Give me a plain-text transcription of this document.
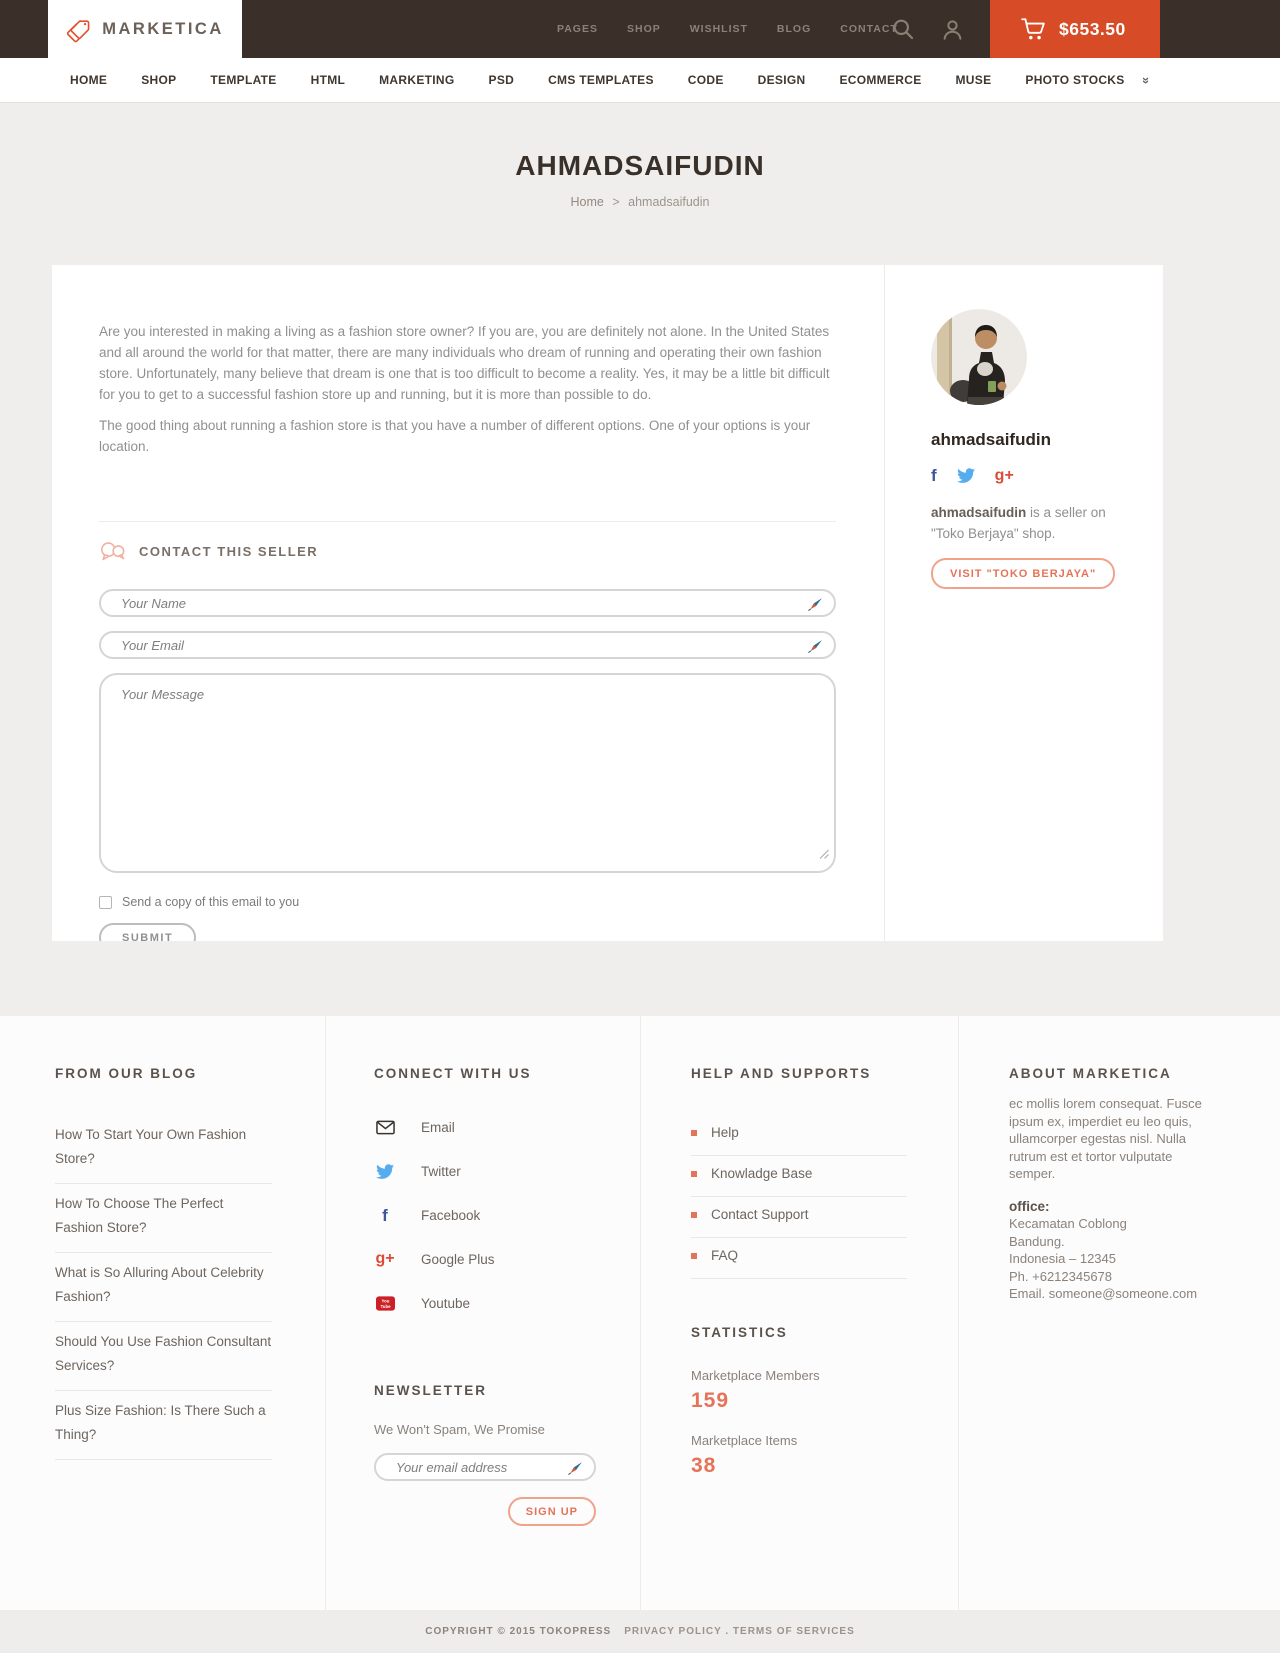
MARKETICA	PAGES	SHOP	WISHLIST	BLOG	CONTACT	$653.50
HOME	SHOP	TEMPLATE	HTML	MARKETING	PSD	CMS TEMPLATES	CODE	DESIGN	ECOMMERCE	MUSE	PHOTO STOCKS	»
AHMADSAIFUDIN
Home > ahmadsaifudin

Are you interested in making a living as a fashion store owner? If you are, you are definitely not alone. In the United States and all around the world for that matter, there are many individuals who dream of running and operating their own fashion store. Unfortunately, many believe that dream is one that is too difficult to become a reality. Yes, it may be a little bit difficult for you to get to a successful fashion store up and running, but it is more than possible to do.

The good thing about running a fashion store is that you have a number of different options. One of your options is your location.

CONTACT THIS SELLER
Your Name
Your Email
Your Message
Send a copy of this email to you
SUBMIT
ahmadsaifudin
f	g+

ahmadsaifudin is a seller on "Toko Berjaya" shop.

VISIT "TOKO BERJAYA"
FROM OUR BLOG
How To Start Your Own Fashion Store?
How To Choose The Perfect Fashion Store?
What is So Alluring About Celebrity Fashion?
Should You Use Fashion Consultant Services?
Plus Size Fashion: Is There Such a Thing?
CONNECT WITH US
Email
Twitter
f	Facebook
g+ Google Plus
You
Tube Youtube
NEWSLETTER

We Won't Spam, We Promise

Your email address
SIGN UP
HELP AND SUPPORTS
Help
Knowladge Base
Contact Support
FAQ
STATISTICS
Marketplace Members
159
Marketplace Items
38
ABOUT MARKETICA

ec mollis lorem consequat. Fusce ipsum ex, imperdiet eu leo quis, ullamcorper egestas nisl. Nulla rutrum est et tortor vulputate semper.

office:
Kecamatan Coblong
Bandung.
Indonesia – 12345
Ph. +6212345678
Email. someone@someone.com
COPYRIGHT © 2015 TOKOPRESS PRIVACY POLICY . TERMS OF SERVICES
